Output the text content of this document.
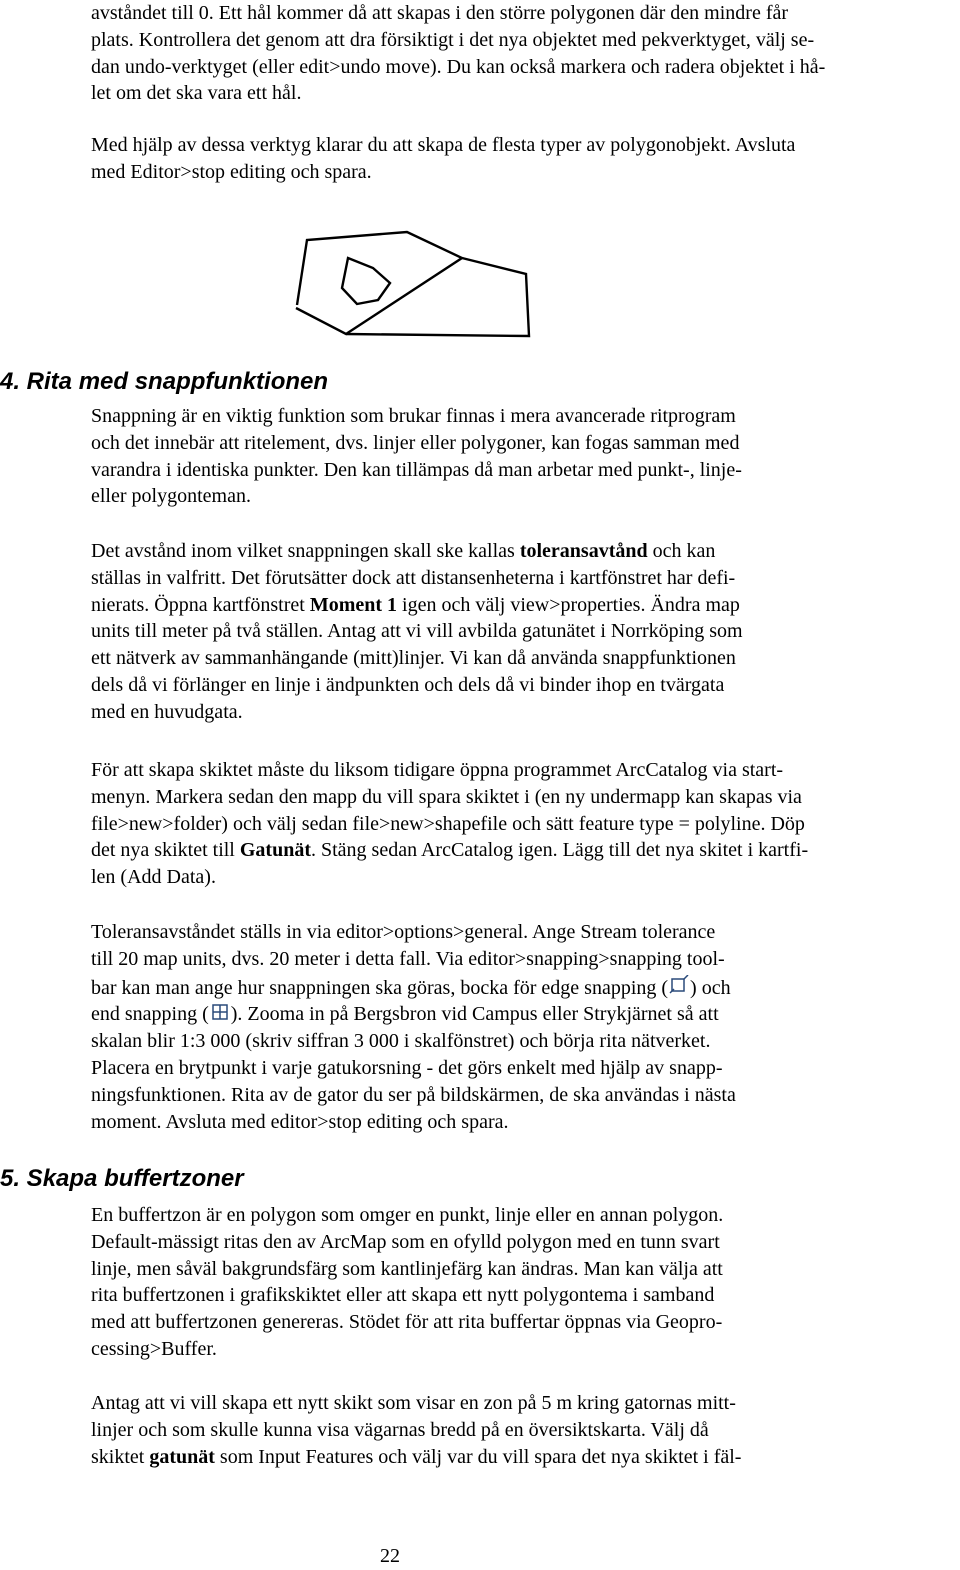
avståndet till 0. Ett hål kommer då att skapas i den större polygonen där den mindre får
plats. Kontrollera det genom att dra försiktigt i det nya objektet med pekverktyget, välj se-
dan undo-verktyget (eller edit>undo move). Du kan också markera och radera objektet i hå-
let om det ska vara ett hål.

Med hjälp av dessa verktyg klarar du att skapa de flesta typer av polygonobjekt. Avsluta
med Editor>stop editing och spara.

4. Rita med snappfunktionen

Snappning är en viktig funktion som brukar finnas i mera avancerade ritprogram
och det innebär att ritelement, dvs. linjer eller polygoner, kan fogas samman med
varandra i identiska punkter. Den kan tillämpas då man arbetar med punkt-, linje-
eller polygonteman.

Det avstånd inom vilket snappningen skall ske kallas toleransavtånd och kan
ställas in valfritt. Det förutsätter dock att distansenheterna i kartfönstret har defi-
nierats. Öppna kartfönstret Moment 1 igen och välj view>properties. Ändra map
units till meter på två ställen. Antag att vi vill avbilda gatunätet i Norrköping som
ett nätverk av sammanhängande (mitt)linjer. Vi kan då använda snappfunktionen
dels då vi förlänger en linje i ändpunkten och dels då vi binder ihop en tvärgata
med en huvudgata.

För att skapa skiktet måste du liksom tidigare öppna programmet ArcCatalog via start-
menyn. Markera sedan den mapp du vill spara skiktet i (en ny undermapp kan skapas via
file>new>folder) och välj sedan file>new>shapefile och sätt feature type = polyline. Döp
det nya skiktet till Gatunät. Stäng sedan ArcCatalog igen. Lägg till det nya skitet i kartfi-
len (Add Data).

Toleransavståndet ställs in via editor>options>general. Ange Stream tolerance
till 20 map units, dvs. 20 meter i detta fall. Via editor>snapping>snapping tool-
bar kan man ange hur snappningen ska göras, bocka för edge snapping ( ) och
end snapping ( ). Zooma in på Bergsbron vid Campus eller Strykjärnet så att
skalan blir 1:3 000 (skriv siffran 3 000 i skalfönstret) och börja rita nätverket.
Placera en brytpunkt i varje gatukorsning - det görs enkelt med hjälp av snapp-
ningsfunktionen. Rita av de gator du ser på bildskärmen, de ska användas i nästa
moment. Avsluta med editor>stop editing och spara.

5. Skapa buffertzoner

En buffertzon är en polygon som omger en punkt, linje eller en annan polygon.
Default-mässigt ritas den av ArcMap som en ofylld polygon med en tunn svart
linje, men såväl bakgrundsfärg som kantlinjefärg kan ändras. Man kan välja att
rita buffertzonen i grafikskiktet eller att skapa ett nytt polygontema i samband
med att buffertzonen genereras. Stödet för att rita buffertar öppnas via Geopro-
cessing>Buffer.

Antag att vi vill skapa ett nytt skikt som visar en zon på 5 m kring gatornas mitt-
linjer och som skulle kunna visa vägarnas bredd på en översiktskarta. Välj då
skiktet gatunät som Input Features och välj var du vill spara det nya skiktet i fäl-

22
